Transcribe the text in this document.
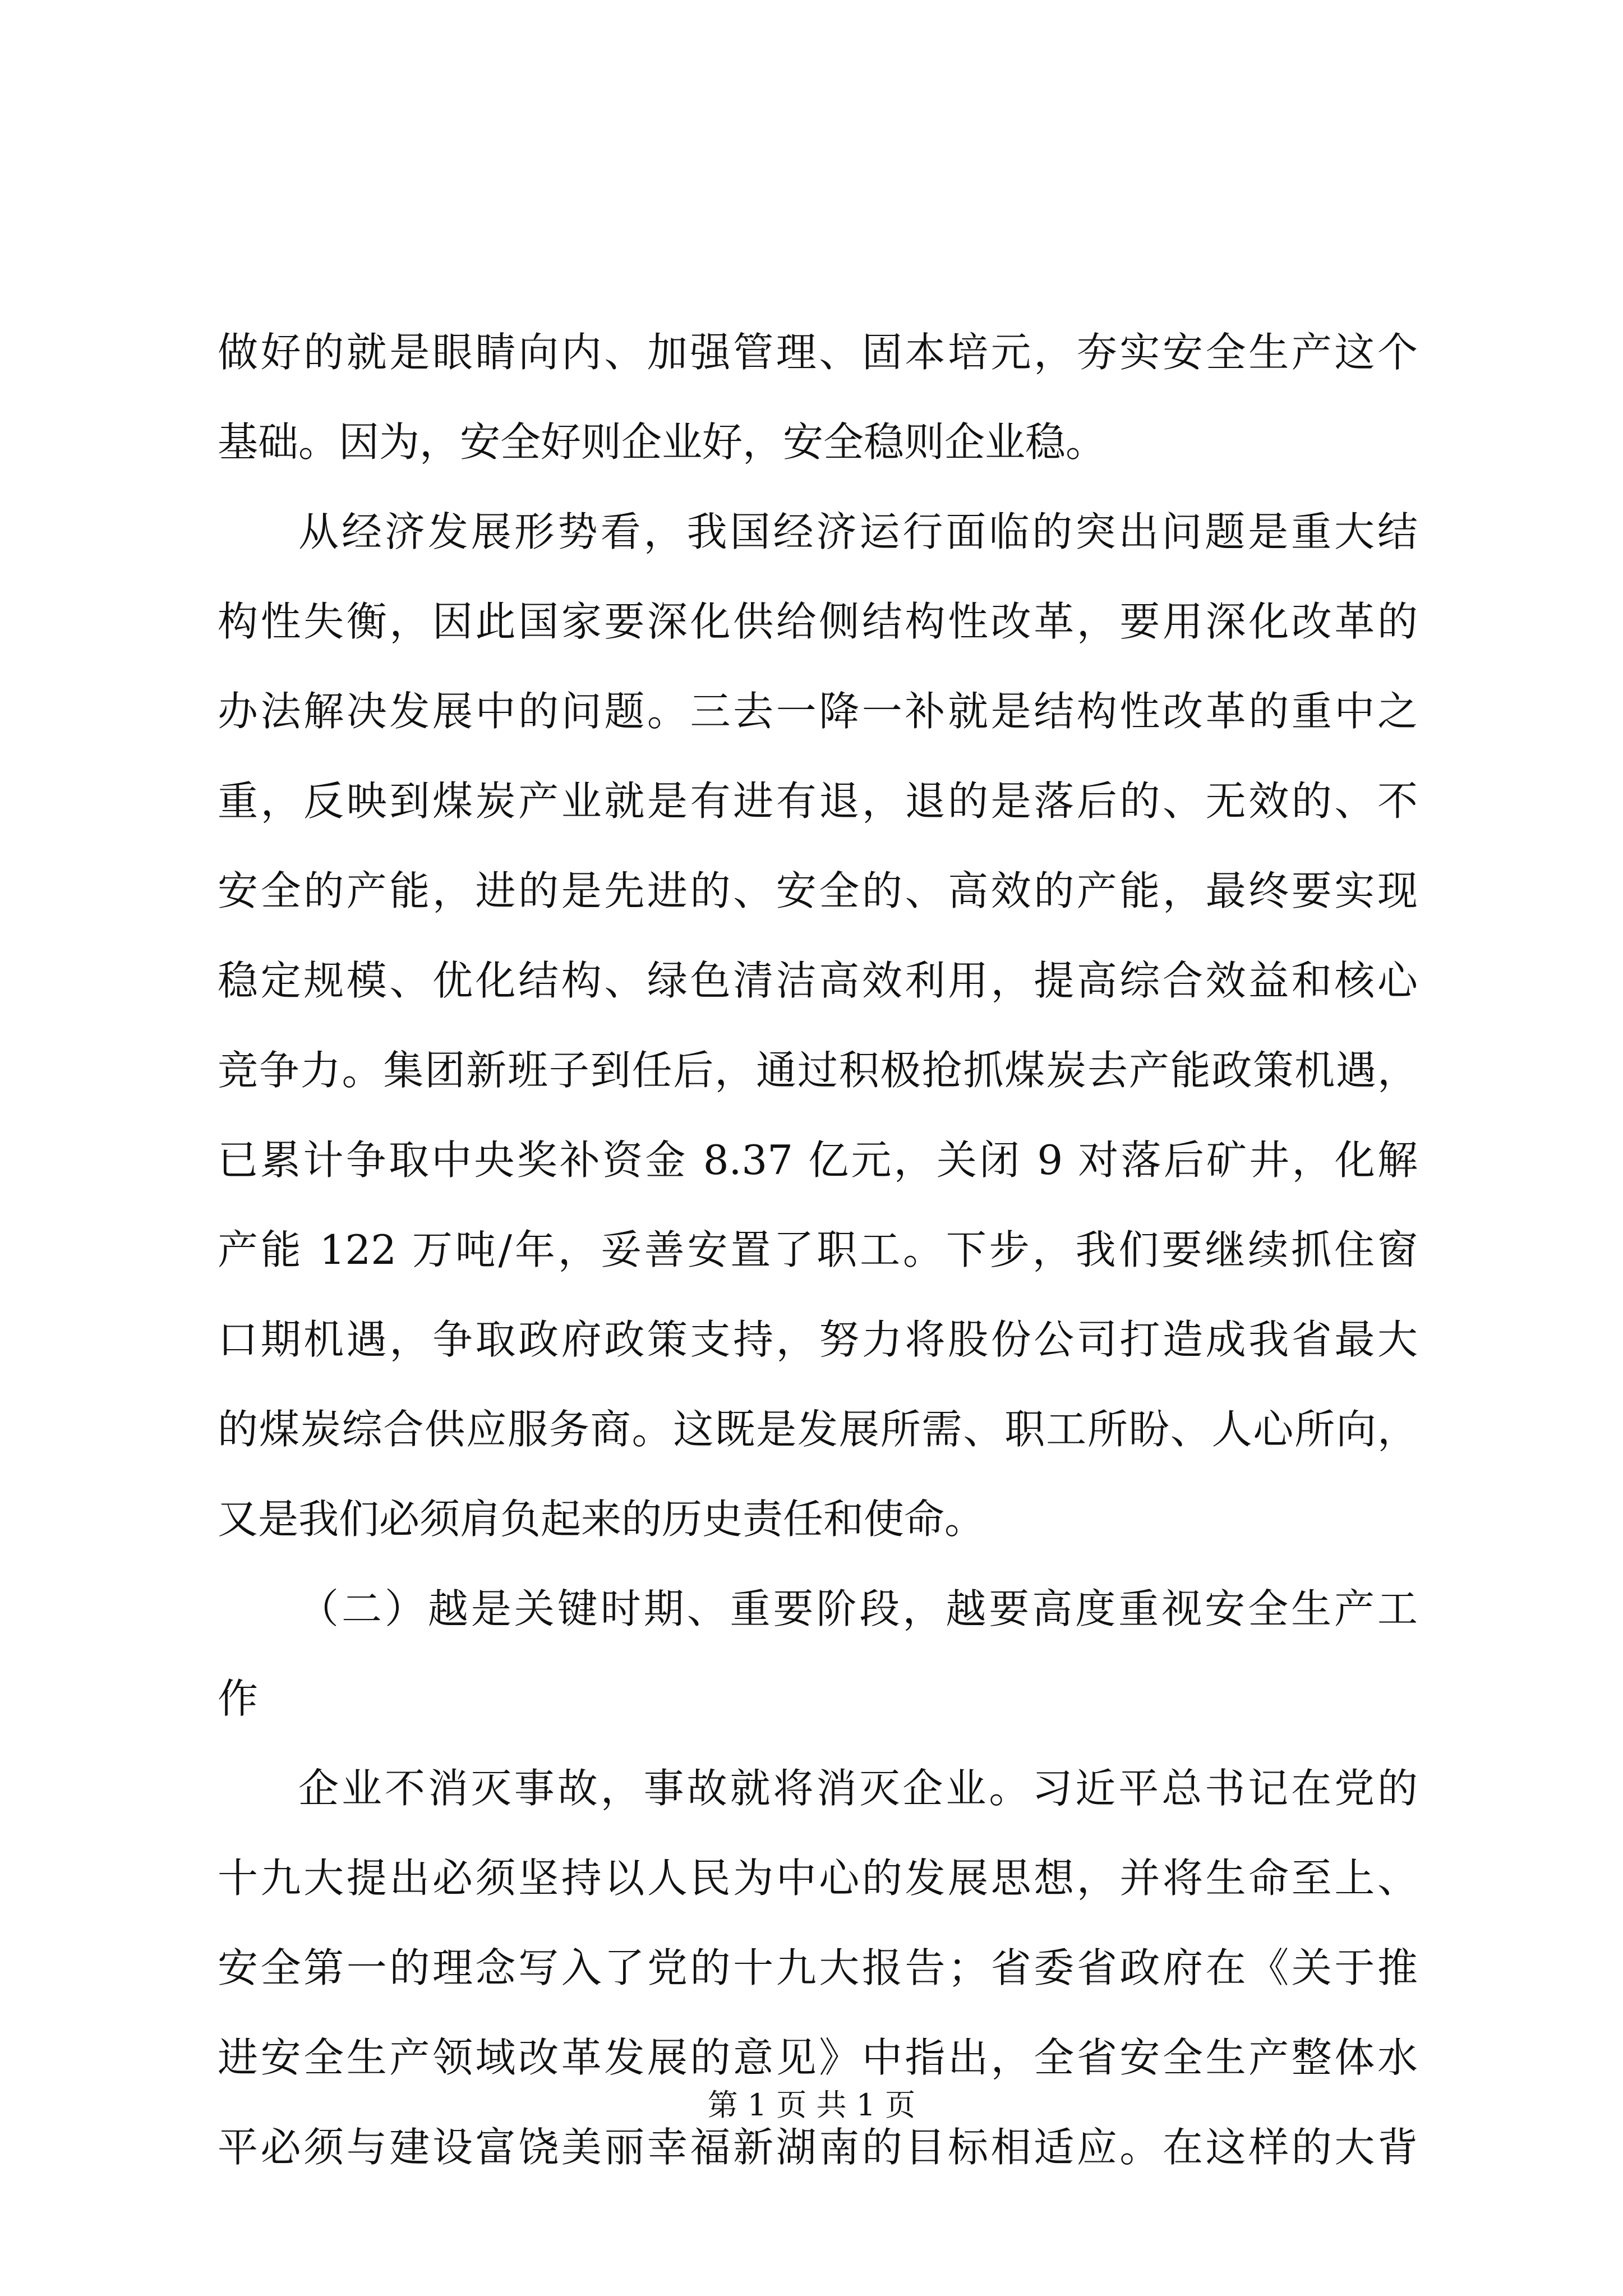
做好的就是眼睛向内、加强管理、固本培元，夯实安全生产这个
基础。因为，安全好则企业好，安全稳则企业稳。
从经济发展形势看，我国经济运行面临的突出问题是重大结
构性失衡，因此国家要深化供给侧结构性改革，要用深化改革的
办法解决发展中的问题。三去一降一补就是结构性改革的重中之
重，反映到煤炭产业就是有进有退，退的是落后的、无效的、不
安全的产能，进的是先进的、安全的、高效的产能，最终要实现
稳定规模、优化结构、绿色清洁高效利用，提高综合效益和核心
竞争力。集团新班子到任后，通过积极抢抓煤炭去产能政策机遇，
已累计争取中央奖补资金 8.37 亿元，关闭 9 对落后矿井，化解
产能 122 万吨/年，妥善安置了职工。下步，我们要继续抓住窗
口期机遇，争取政府政策支持，努力将股份公司打造成我省最大
的煤炭综合供应服务商。这既是发展所需、职工所盼、人心所向，
又是我们必须肩负起来的历史责任和使命。
（二）越是关键时期、重要阶段，越要高度重视安全生产工
作
企业不消灭事故，事故就将消灭企业。习近平总书记在党的
十九大提出必须坚持以人民为中心的发展思想，并将生命至上、
安全第一的理念写入了党的十九大报告；省委省政府在《关于推
进安全生产领域改革发展的意见》中指出，全省安全生产整体水
平必须与建设富饶美丽幸福新湖南的目标相适应。在这样的大背
第 1 页 共 1 页
